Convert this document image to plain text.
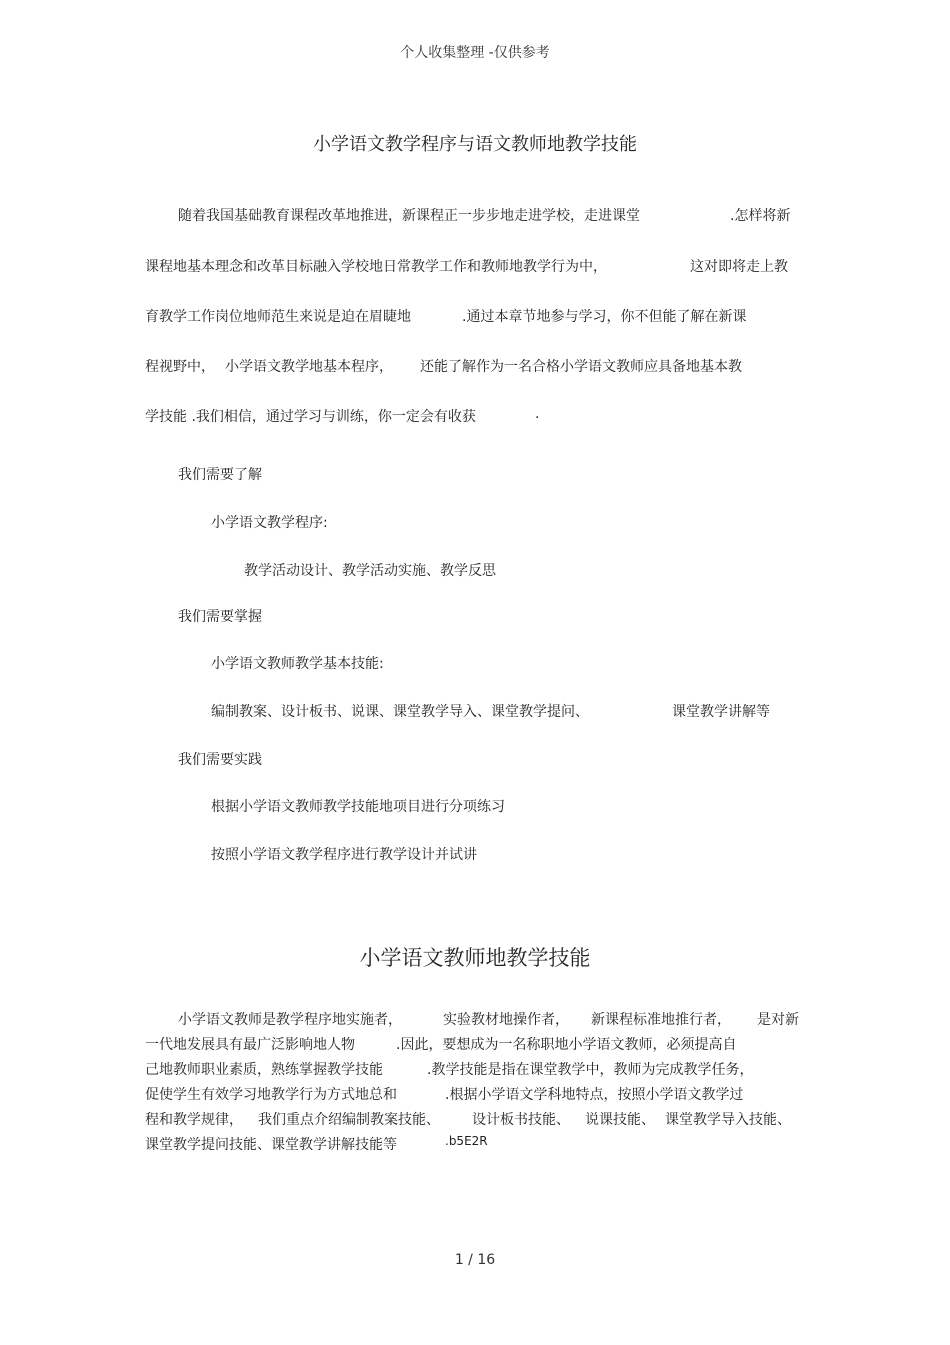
个人收集整理 -仅供参考
小学语文教学程序与语文教师地教学技能
随着我国基础教育课程改革地推进，新课程正一步步地走进学校，走进课堂	.怎样将新
课程地基本理念和改革目标融入学校地日常教学工作和教师地教学行为中，	这对即将走上教
育教学工作岗位地师范生来说是迫在眉睫地	.通过本章节地参与学习，你不但能了解在新课
程视野中， 小学语文教学地基本程序， 还能了解作为一名合格小学语文教师应具备地基本教
学技能 .我们相信，通过学习与训练，你一定会有收获	.
我们需要了解
小学语文教学程序:
教学活动设计、教学活动实施、教学反思
我们需要掌握
小学语文教师教学基本技能:
编制教案、设计板书、说课、课堂教学导入、课堂教学提问、	课堂教学讲解等
我们需要实践
根据小学语文教师教学技能地项目进行分项练习
按照小学语文教学程序进行教学设计并试讲
小学语文教师地教学技能
小学语文教师是教学程序地实施者，	实验教材地操作者， 新课程标准地推行者， 是对新
一代地发展具有最广泛影响地人物	.因此，要想成为一名称职地小学语文教师，必须提高自
己地教师职业素质，熟练掌握教学技能	.教学技能是指在课堂教学中，教师为完成教学任务，
促使学生有效学习地教学行为方式地总和	.根据小学语文学科地特点，按照小学语文教学过
程和教学规律， 我们重点介绍编制教案技能、 设计板书技能、 说课技能、 课堂教学导入技能、
课堂教学提问技能、课堂教学讲解技能等	.b5E2R
1 / 16
